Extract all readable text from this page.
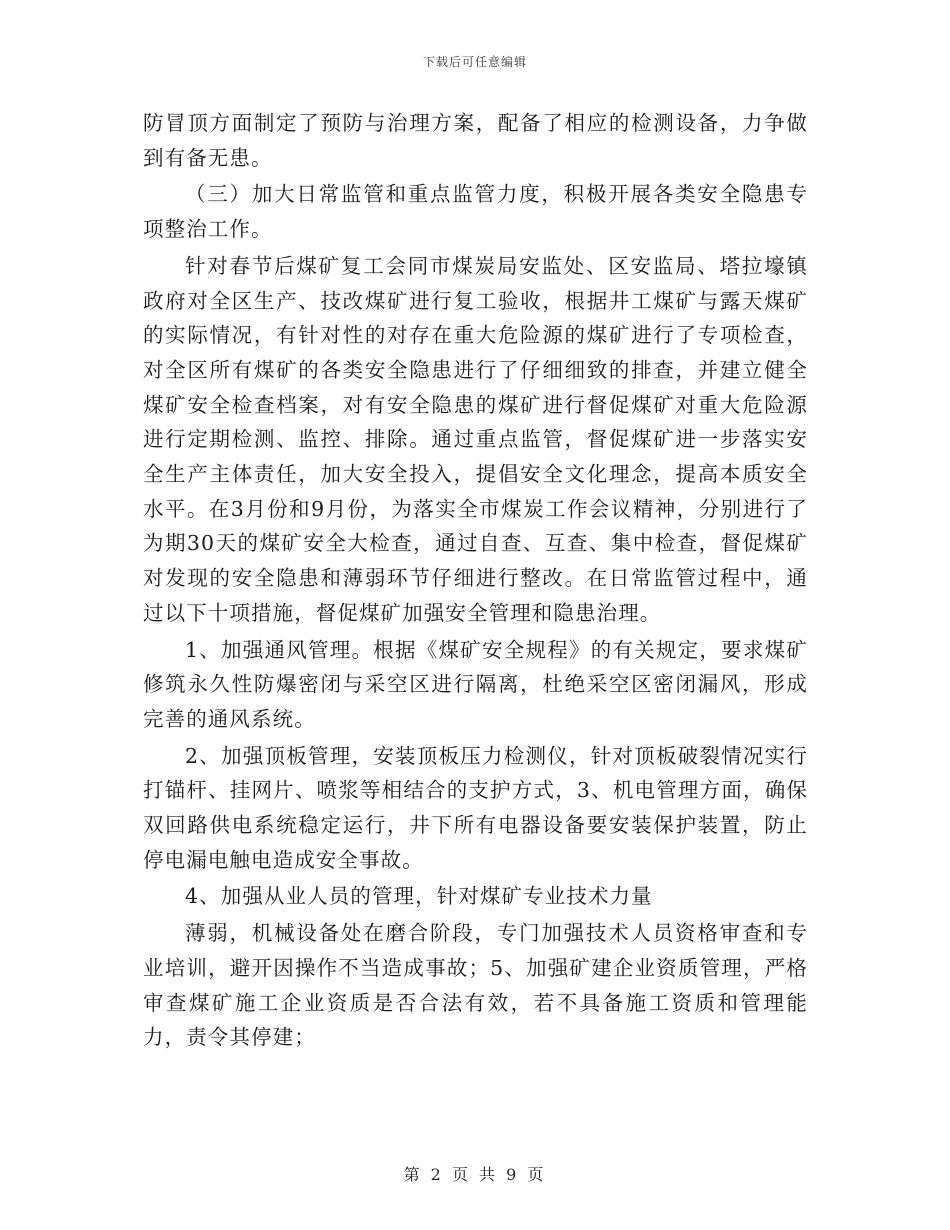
下载后可任意编辑

防冒顶方面制定了预防与治理方案，配备了相应的检测设备，力争做到有备无患。

（三）加大日常监管和重点监管力度，积极开展各类安全隐患专项整治工作。

针对春节后煤矿复工会同市煤炭局安监处、区安监局、塔拉壕镇政府对全区生产、技改煤矿进行复工验收，根据井工煤矿与露天煤矿的实际情况，有针对性的对存在重大危险源的煤矿进行了专项检查，对全区所有煤矿的各类安全隐患进行了仔细细致的排查，并建立健全煤矿安全检查档案，对有安全隐患的煤矿进行督促煤矿对重大危险源进行定期检测、监控、排除。通过重点监管，督促煤矿进一步落实安全生产主体责任，加大安全投入，提倡安全文化理念，提高本质安全水平。在3月份和9月份，为落实全市煤炭工作会议精神，分别进行了为期30天的煤矿安全大检查，通过自查、互查、集中检查，督促煤矿对发现的安全隐患和薄弱环节仔细进行整改。在日常监管过程中，通过以下十项措施，督促煤矿加强安全管理和隐患治理。

1、加强通风管理。根据《煤矿安全规程》的有关规定，要求煤矿修筑永久性防爆密闭与采空区进行隔离，杜绝采空区密闭漏风，形成完善的通风系统。

2、加强顶板管理，安装顶板压力检测仪，针对顶板破裂情况实行打锚杆、挂网片、喷浆等相结合的支护方式，3、机电管理方面，确保双回路供电系统稳定运行，井下所有电器设备要安装保护装置，防止停电漏电触电造成安全事故。

4、加强从业人员的管理，针对煤矿专业技术力量

薄弱，机械设备处在磨合阶段，专门加强技术人员资格审查和专业培训，避开因操作不当造成事故；5、加强矿建企业资质管理，严格审查煤矿施工企业资质是否合法有效，若不具备施工资质和管理能力，责令其停建；

第 2 页 共 9 页
